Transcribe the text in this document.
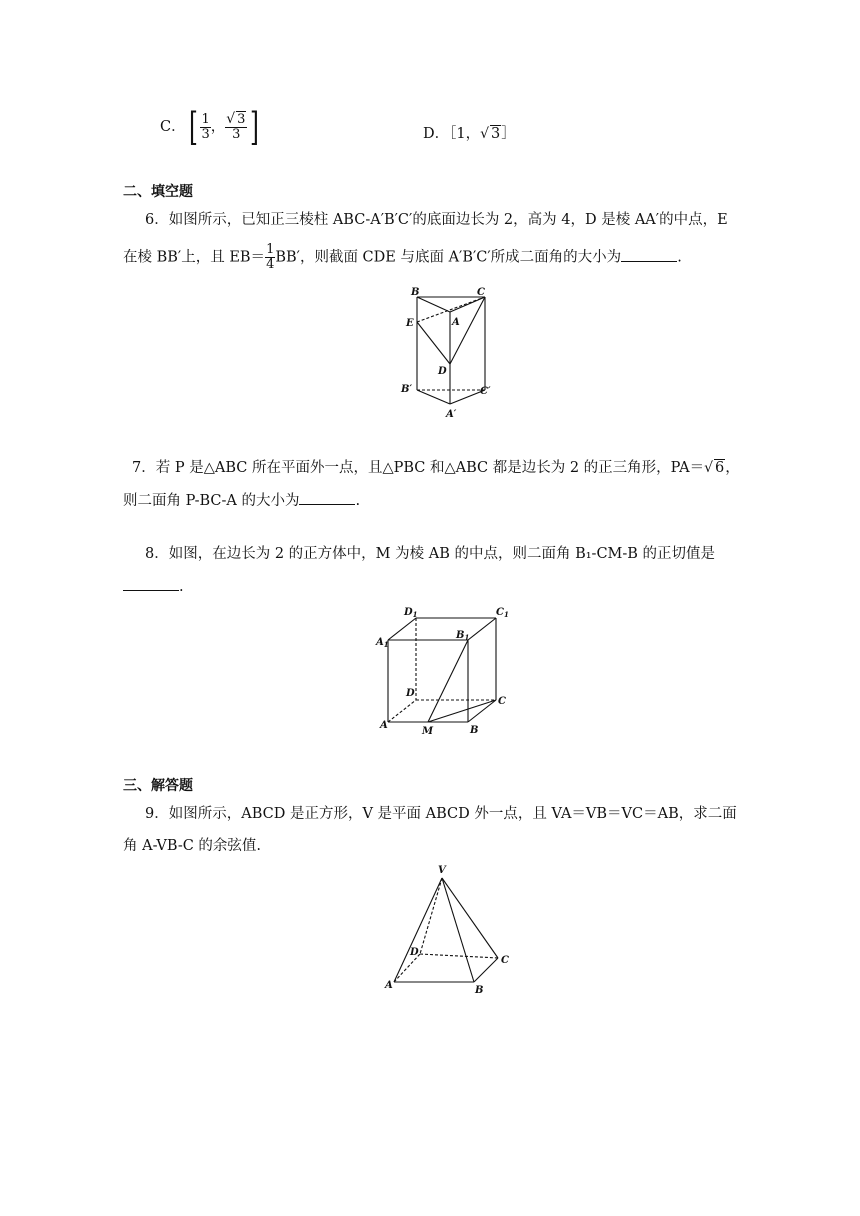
C．[ $\frac{1}{3}$ ， $\frac{√ 3}{3}$ ]	D．［1，√ 3］
二、填空题
6．如图所示，已知正三棱柱 ABC-A′B′C′的底面边长为 2，高为 4，D 是棱 AA′的中点，E
在棱 BB′上，且 $EB= \frac{1}{4} BB'$，则截面 CDE 与底面 A′B′C′所成二面角的大小为	.
B	C
E	A
D
B′	C′
A′
7．若 P 是△ABC 所在平面外一点，且△PBC 和△ABC 都是边长为 2 的正三角形，PA＝√ 6，
则二面角 P-BC-A 的大小为	.
8．如图，在边长为 2 的正方体中，M 为棱 AB 的中点，则二面角 B₁-CM-B 的正切值是
.
$D_1$	$C_1$
$A_1$
$B_1$
D
C
A
M	B
三、解答题
9．如图所示，ABCD 是正方形，V 是平面 ABCD 外一点，且 VA＝VB＝VC＝AB，求二面
角 A-VB-C 的余弦值.
V
D
C
A	B
